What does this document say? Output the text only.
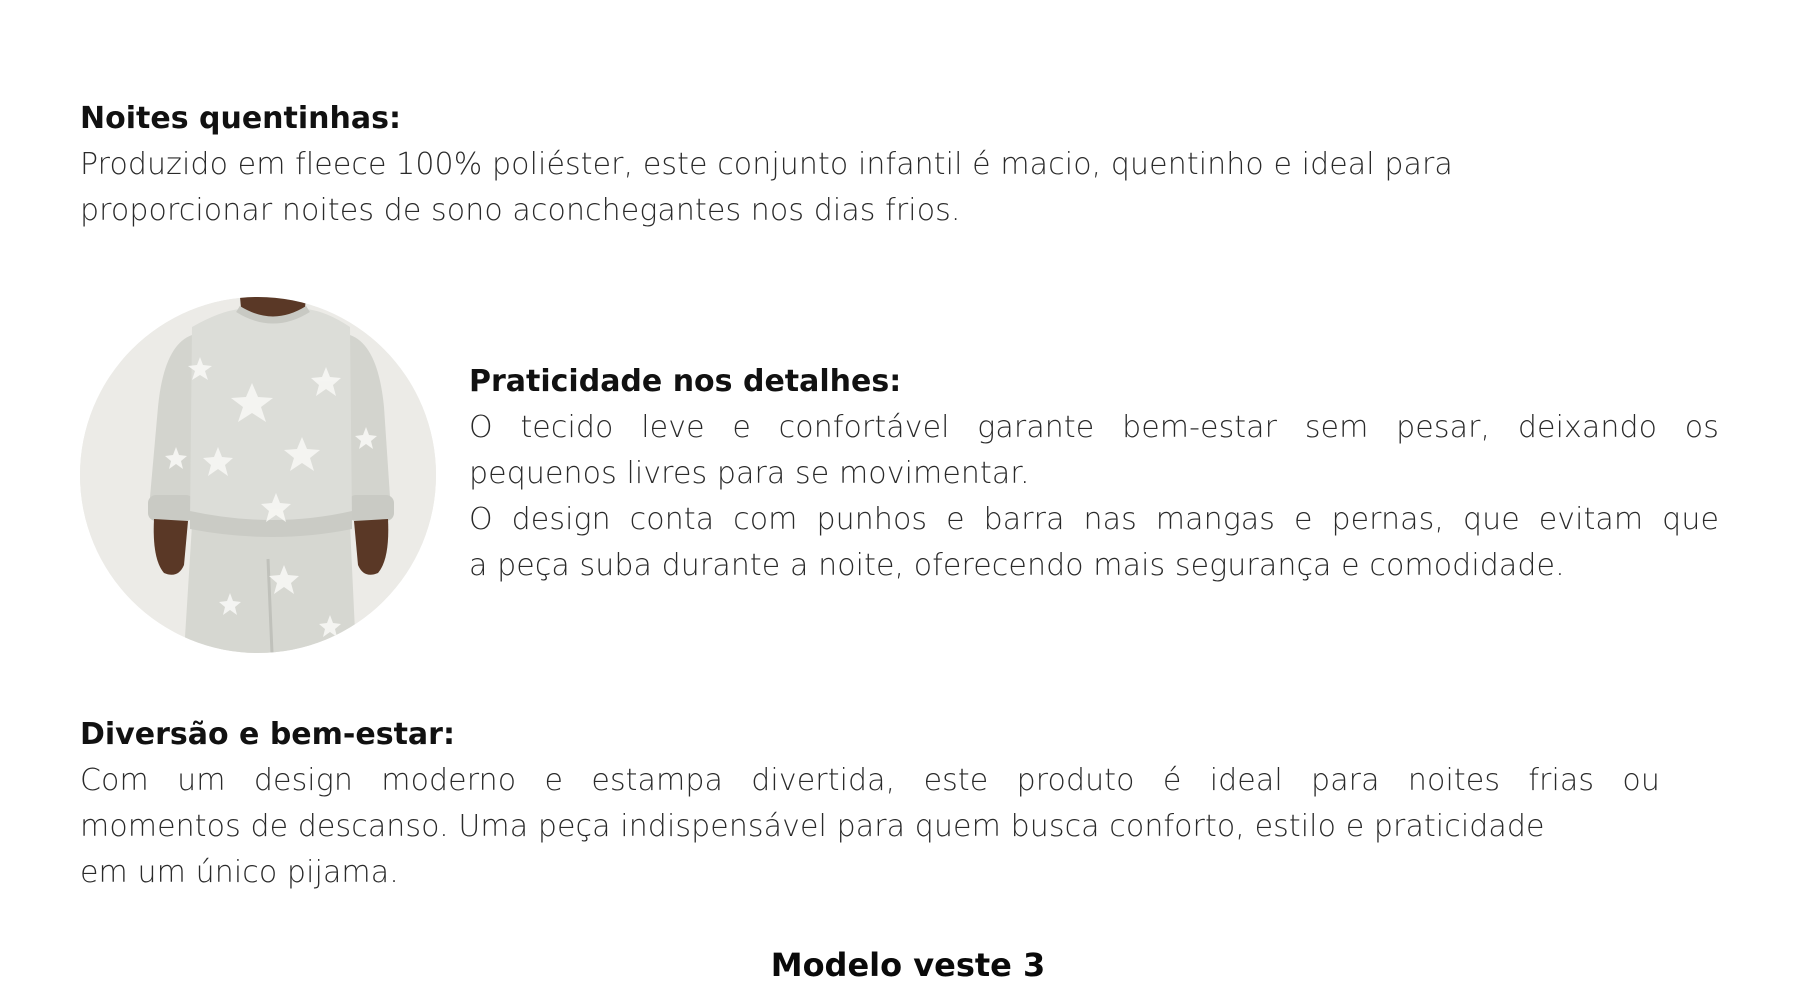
Noites quentinhas:
Produzido em fleece 100% poliéster, este conjunto infantil é macio, quentinho e ideal para
proporcionar noites de sono aconchegantes nos dias frios.
Praticidade nos detalhes:
O tecido leve e confortável garante bem-estar sem pesar, deixando os
pequenos livres para se movimentar.
O design conta com punhos e barra nas mangas e pernas, que evitam que
a peça suba durante a noite, oferecendo mais segurança e comodidade.
Diversão e bem-estar:
Com um design moderno e estampa divertida, este produto é ideal para noites frias ou
momentos de descanso. Uma peça indispensável para quem busca conforto, estilo e praticidade
em um único pijama.
Modelo veste 3
